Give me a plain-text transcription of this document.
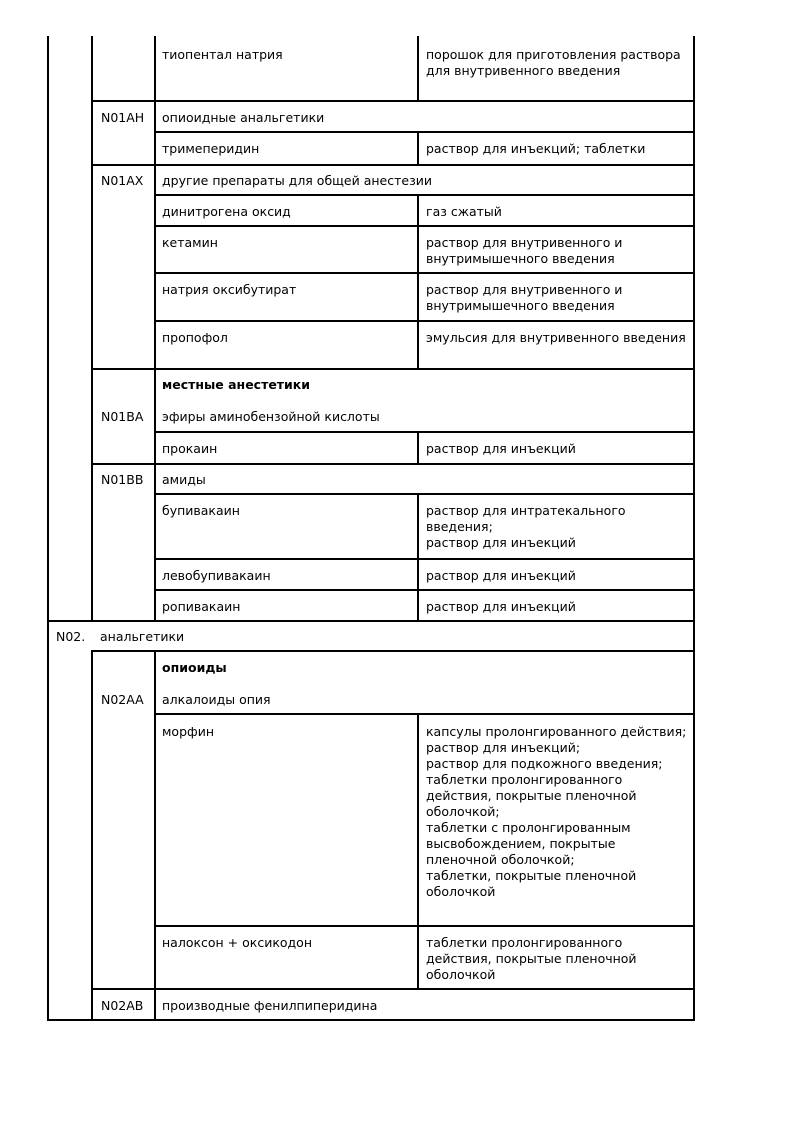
тиопентал натрия	порошок для приготовления раствора для внутривенного введения
N01AH	опиоидные анальгетики
тримеперидин	раствор для инъекций; таблетки
N01AX	другие препараты для общей анестезии
динитрогена оксид	газ сжатый
кетамин	раствор для внутривенного и внутримышечного введения
натрия оксибутират	раствор для внутривенного и внутримышечного введения
пропофол	эмульсия для внутривенного введения
местные анестетики
N01BA	эфиры аминобензойной кислоты
прокаин	раствор для инъекций
N01BB	амиды
бупивакаин	раствор для интратекального введения;
раствор для инъекций
левобупивакаин	раствор для инъекций
ропивакаин	раствор для инъекций
N02.	анальгетики
опиоиды
N02AA	алкалоиды опия
морфин	капсулы пролонгированного действия;
раствор для инъекций;
раствор для подкожного введения;
таблетки пролонгированного действия, покрытые пленочной оболочкой;
таблетки с пролонгированным высвобождением, покрытые пленочной оболочкой;
таблетки, покрытые пленочной оболочкой
налоксон + оксикодон	таблетки пролонгированного действия, покрытые пленочной оболочкой
N02AB	производные фенилпиперидина
